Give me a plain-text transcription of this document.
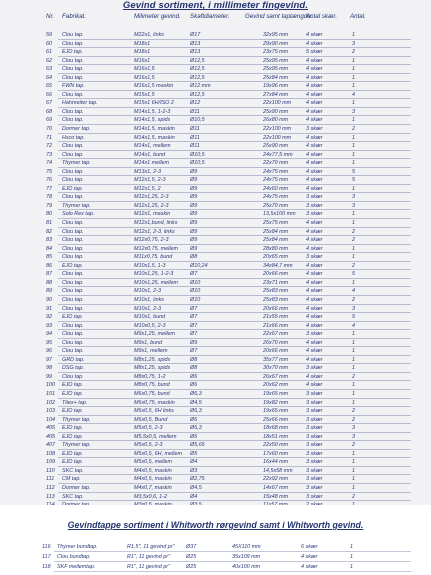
Gevind sortiment, i millimeter fingevind.
Nr. Fabrikat.	Milimeter gevind. Skaftdiameter. Gevind samt taplængde.
Antal skær. Antal.
59 Clou tap.	M22x1, links	Ø17	32x95 mm	4 skær	1
60 Clou tap.	M18x1	Ø13	29x90 mm	4 skær	3
61 EJO tap.	M18x1	Ø13	23x75 mm	5 skær	2
62 Clou tap.	M16x1	Ø12,5	25x95 mm	4 skær	1
63 Clou tap.	M16x1,5	Ø12,5	25x95 mm	4 skær	1
64 Clou tap.	M16x1,5	Ø12,5	25x84 mm	4 skær	1
65 FWN tap.	M16x1,5 maskin	Ø12 mm	19x96 mm	4 skær	1
66 Clou tap.	M15x1,5	Ø12,5	27x84 mm	4 skær	4
67 Hahnreiter tap.	M15x1 6H/ISO 2	Ø12	22x100 mm	4 skær	1
68 Clou tap.	M14x1,5, 1-2-3	Ø11	25x90 mm	4 skær	3
69 Clou tap.	M14x1,5, spids	Ø10,5	26x80 mm	4 skær	1
70 Dormer tap.	M14x1,5, maskin	Ø11	22x100 mm	3 skær	2
71 Hsco tap.	M14x1,5, maskin	Ø11	22x100 mm	4 skær	1
72 Clou tap.	M14x1, mellem	Ø11	25x90 mm	4 skær	1
73 Clou tap.	M14x1, bund	Ø10,5	24x77,5 mm 4 skær	1
74 Thymer tap.	M14x1 mellem	Ø10,5	22x70 mm	4 skær	1
75 Clou tap.	M13x1, 2-3	Ø9	24x75 mm	4 skær	5
76 Clou tap.	M12x1,5, 2-3	Ø9	24x75 mm	4 skær	5
77 EJO tap.	M12x1,5, 2	Ø9	24x60 mm	4 skær	1
78 Clou tap.	M12x1,25, 2-3	Ø9	24x75 mm	3 skær	3
79 Thymer tap.	M12x1,25, 2-3	Ø9	25x70 mm	3 skær	3
80 Solo Rex tap.	M12x1, maskin	Ø9	13,5x100 mm 3 skær	1
81 Clou tap.	M12x1,bund, links Ø9	25x75 mm	4 skær	1
82 Clou tap.	M12x1, 2-3. links	Ø9	25x84 mm	4 skær	2
83 Clou tap.	M12x0,75, 2-3	Ø9	25x84 mm	4 skær	2
84 Clou tap.	M12x0,75, mellem Ø9	28x80 mm	4 skær	1
85 Clou tap.	M11x0,75, bund	Ø8	20x65 mm	3 skær	1
86 EJO tap.	M10x1,5, 1-3	Ø10,24	34x84,7 mm 4 skær	2
87 Clou tap.	M10x1,25, 1-2-3	Ø7	20x66 mm	4 skær	5
88 Clou tap.	M10x1,25, mellem Ø10	23x71 mm	4 skær	1
89 Clou tap.	M10x1, 2-3	Ø10	25x83 mm	4 skær	4
90 Clou tap.	M10x1, links	Ø10	25x83 mm	4 skær	2
91 Clou tap.	M10x1, 2-3	Ø7	20x66 mm	4 skær	3
92 EJO tap.	M10x1, bund	Ø7	21x55 mm	4 skær	5
93 Clou tap.	M10x0,5, 2-3	Ø7	21x66 mm	4 skær	4
94 Clou tap.	M9x1,25, mellem	Ø7	22x67 mm	3 skær	1
95 Clou tap.	M9x1, bund	Ø9	26x70 mm	4 skær	1
96 Clou tap.	M9x1, mellem	Ø7	20x66 mm	4 skær	1
97 GRD tap.	M8x1,25, spids	Ø8	35x77 mm	4 skær	1
98 DSG tap.	M8x1,25, spids	Ø8	30x70 mm	3 skær	1
99 Clou tap.	M8x0,75, 1-2	Ø6	26x67 mm	4 skær	2
100 EJO tap.	M8x0,75, bund	Ø6	20x62 mm	4 skær	1
101 EJO tap.	M6x0,75, bund	Ø6,3	19x65 mm	3 skær	1
102 Titex+ tap.	M6x0,75, maskin	Ø4,5	19x82 mm	3 skær	1
103 EJO tap.	M6x0,5, 6H links	Ø6,3	19x65 mm	3 skær	2
104 Thymer tap.	M6x0,5, Bund	Ø6	25x66 mm	3 skær	2
405 EJO tap.	M5x0,5, 2-3	Ø6,3	18x68 mm	3 skær	3
405 EJO tap.	M5,5x0,5, mellem Ø6	18x51 mm	3 skær	3
407 Thymer tap.	M5x0,5, 2-3	Ø5,65	22x50 mm	3 skær	2
108 EJO tap.	M5x0,5, 6H, mellem Ø5	17x60 mm	3 skær	1
109 EJO tap.	M5x0,5, mellem	Ø4	16x44 mm	3 skær	1
110 SKC tap.	M4x0,5, maskin	Ø3	14,5x58 mm 3 skær	1
111 CM tap.	M4x0,5, maskin	Ø2,75	22x92 mm	3 skær	1
112 Dormer tap.	M4x0,7, maskin	Ø4,5	14x67 mm	3 skær	1
113 SKC tap.	M3,5x0,6, 1-2	Ø4	15x48 mm	3 skær	2
Gevindtappe sortiment i Whitworth rørgevind samt i Whitworth gevind.
116 Thymer bundtap.	R1,5", 11 gevind pr" Ø37	45X110 mm	6 skær	1
117 Clou bundtap.	R1", 11 gevind pr"	Ø25	35x109 mm	4 skær	1
118 SKF mellemtap.	R1", 11 gevind pr"	Ø25	40x100 mm	4 skær	1
